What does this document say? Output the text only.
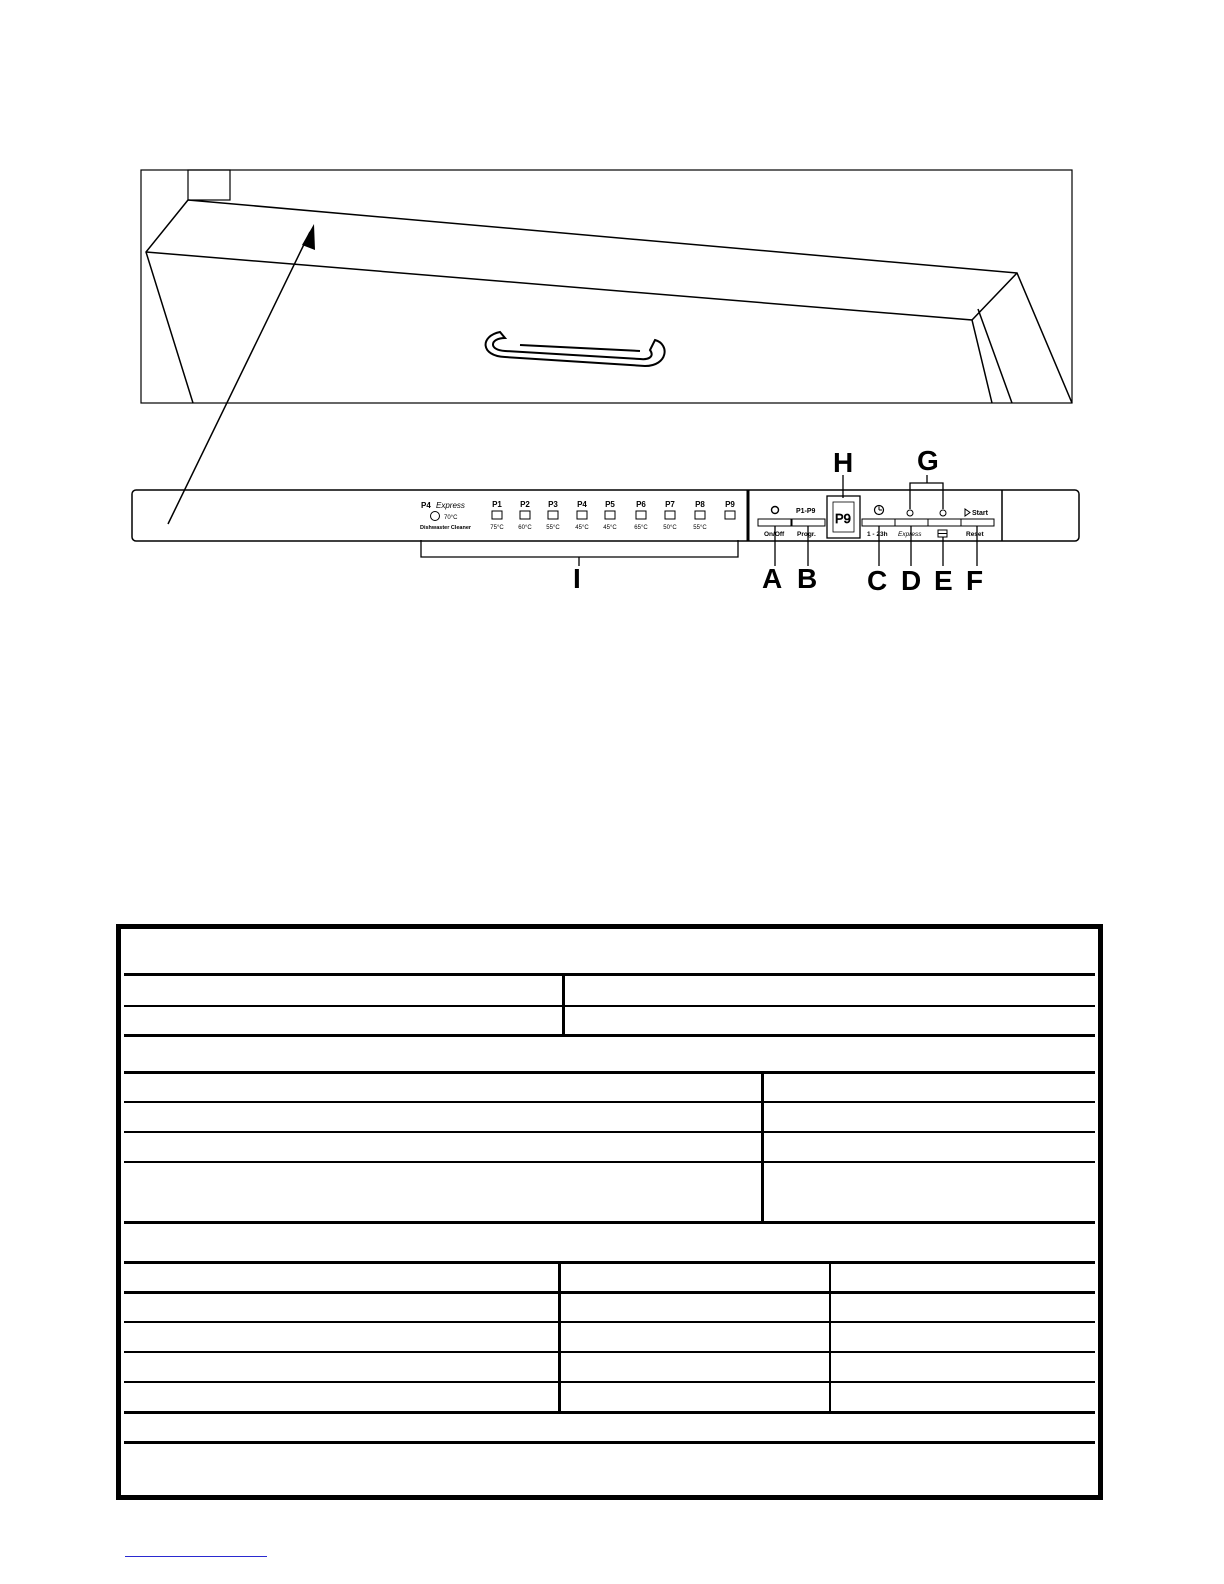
P4 Express
70°C
Dishwaster Cleaner
P1
75°C
P2
60°C
P3
55°C
P4
45°C
P5
45°C
P6
65°C
P7
50°C
P8
55°C
P9
On/Off
P1-P9
Progr.
P9
1 - 23h Express
Start
Reset
H G
I	A B C D E F
